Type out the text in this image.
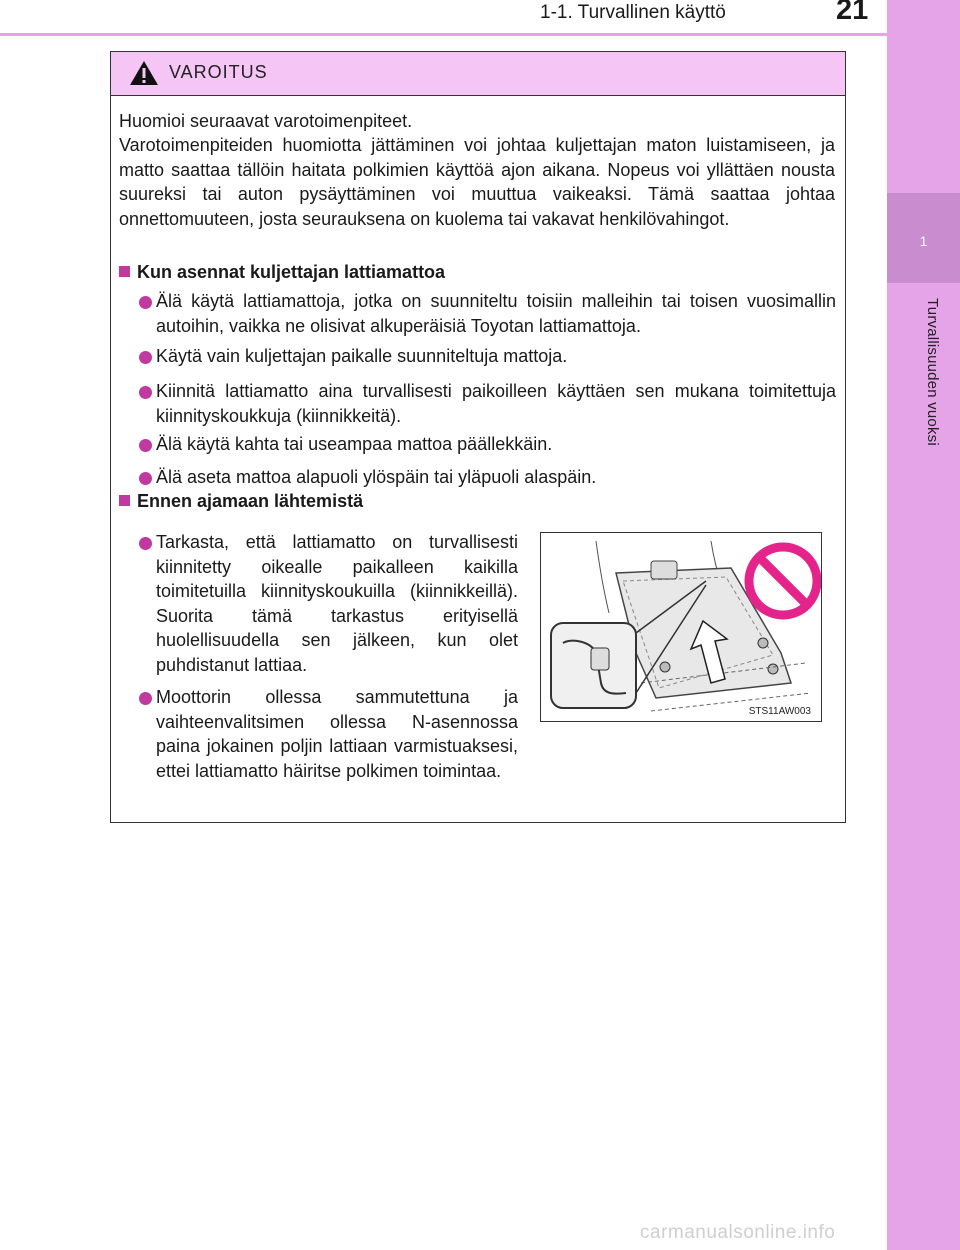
1-1. Turvallinen käyttö	21
1
Turvallisuuden vuoksi
VAROITUS
Huomioi seuraavat varotoimenpiteet.
Varotoimenpiteiden huomiotta jättäminen voi johtaa kuljettajan maton luistamiseen, ja matto saattaa tällöin haitata polkimien käyttöä ajon aikana. Nopeus voi yllättäen nousta suureksi tai auton pysäyttäminen voi muuttua vaikeaksi. Tämä saattaa johtaa onnettomuuteen, josta seurauksena on kuolema tai vakavat henkilövahingot.
Kun asennat kuljettajan lattiamattoa
Älä käytä lattiamattoja, jotka on suunniteltu toisiin malleihin tai toisen vuosimallin autoihin, vaikka ne olisivat alkuperäisiä Toyotan lattiamattoja.
Käytä vain kuljettajan paikalle suunniteltuja mattoja.
Kiinnitä lattiamatto aina turvallisesti paikoilleen käyttäen sen mukana toimitettuja kiinnityskoukkuja (kiinnikkeitä).
Älä käytä kahta tai useampaa mattoa päällekkäin.
Älä aseta mattoa alapuoli ylöspäin tai yläpuoli alaspäin.
Ennen ajamaan lähtemistä
Tarkasta, että lattiamatto on turvallisesti kiinnitetty oikealle paikalleen kaikilla toimitetuilla kiinnityskoukuilla (kiinnikkeillä). Suorita tämä tarkastus erityisellä huolellisuudella sen jälkeen, kun olet puhdistanut lattiaa.
Moottorin ollessa sammutettuna ja vaihteenvalitsimen ollessa N-asennossa paina jokainen poljin lattiaan varmistuaksesi, ettei lattiamatto häiritse polkimen toimintaa.
STS11AW003
carmanualsonline.info
